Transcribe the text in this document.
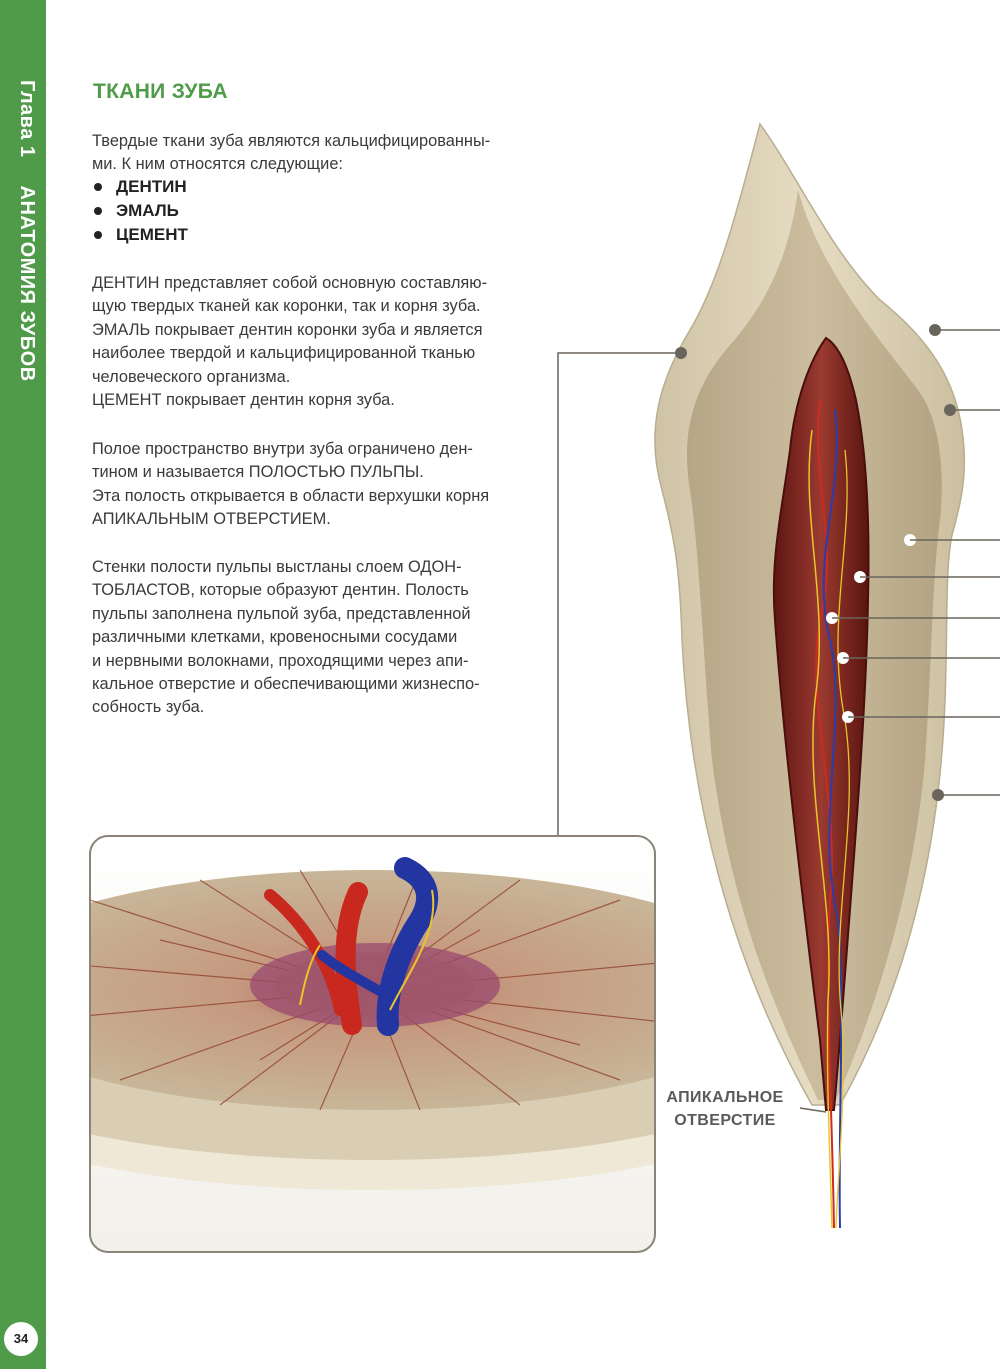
Глава 1АНАТОМИЯ ЗУБОВ
34
ТКАНИ ЗУБА
Твердые ткани зуба являются кальцифицированны-
ми. К ним относятся следующие:
ДЕНТИН
ЭМАЛЬ
ЦЕМЕНТ
ДЕНТИН представляет собой основную составляю-
щую твердых тканей как коронки, так и корня зуба.
ЭМАЛЬ покрывает дентин коронки зуба и является
наиболее твердой и кальцифицированной тканью
человеческого организма.
ЦЕМЕНТ покрывает дентин корня зуба.
Полое пространство внутри зуба ограничено ден-
тином и называется ПОЛОСТЬЮ ПУЛЬПЫ.
Эта полость открывается в области верхушки корня
АПИКАЛЬНЫМ ОТВЕРСТИЕМ.
Стенки полости пульпы выстланы слоем ОДОН-
ТОБЛАСТОВ, которые образуют дентин. Полость
пульпы заполнена пульпой зуба, представленной
различными клетками, кровеносными сосудами
и нервными волокнами, проходящими через апи-
кальное отверстие и обеспечивающими жизнеспо-
собность зуба.
АПИКАЛЬНОЕ
ОТВЕРСТИЕ
